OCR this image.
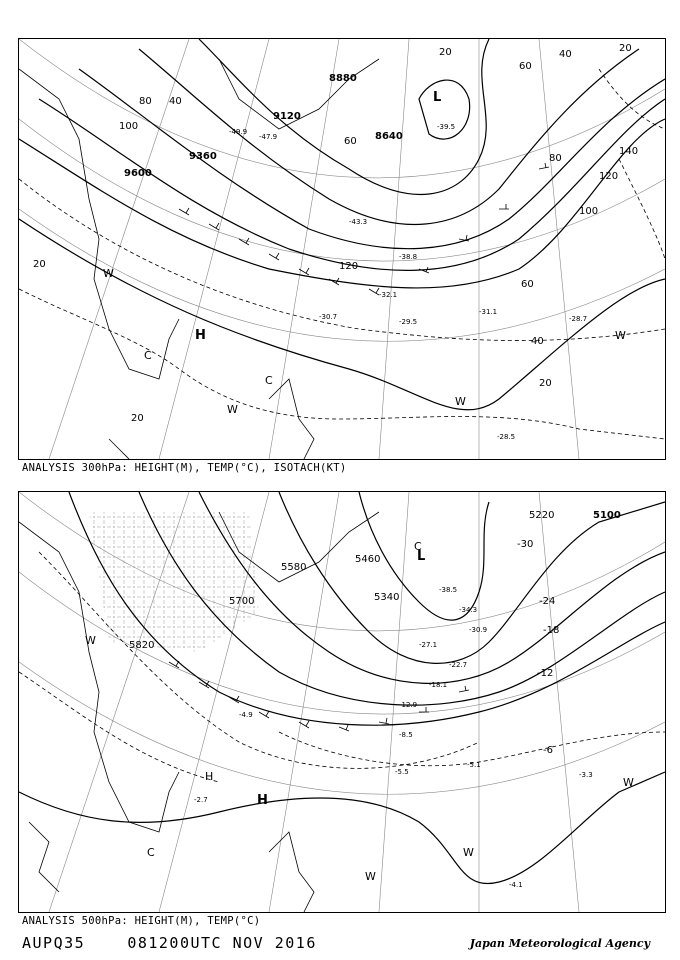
9600
9360
9120
8880
8640
20
40
60
80
100
120
140
20
40
60
80
100
120
60
40
20
20
20
-39.5
-47.9
-49.9
-43.3
-38.8
-32.1
-29.5
-31.1
-28.7
-28.5
-30.7
L
H
C
C
W
W
W
W
ANALYSIS 300hPa: HEIGHT(M), TEMP(°C), ISOTACH(KT)
5820
5700
5580
5460
5340
5220	5100
-30
-24
-18
-12
-6
-38.5
-34.3
-30.9
-27.1
-22.7
-18.1
-12.9
-8.5
-4.9
-5.1
-3.3
-4.1
-2.7
-5.5
L
C
H
H
W
W
W
W
C
ANALYSIS 500hPa: HEIGHT(M), TEMP(°C)
AUPQ35	081200UTC NOV 2016	Japan Meteorological Agency
